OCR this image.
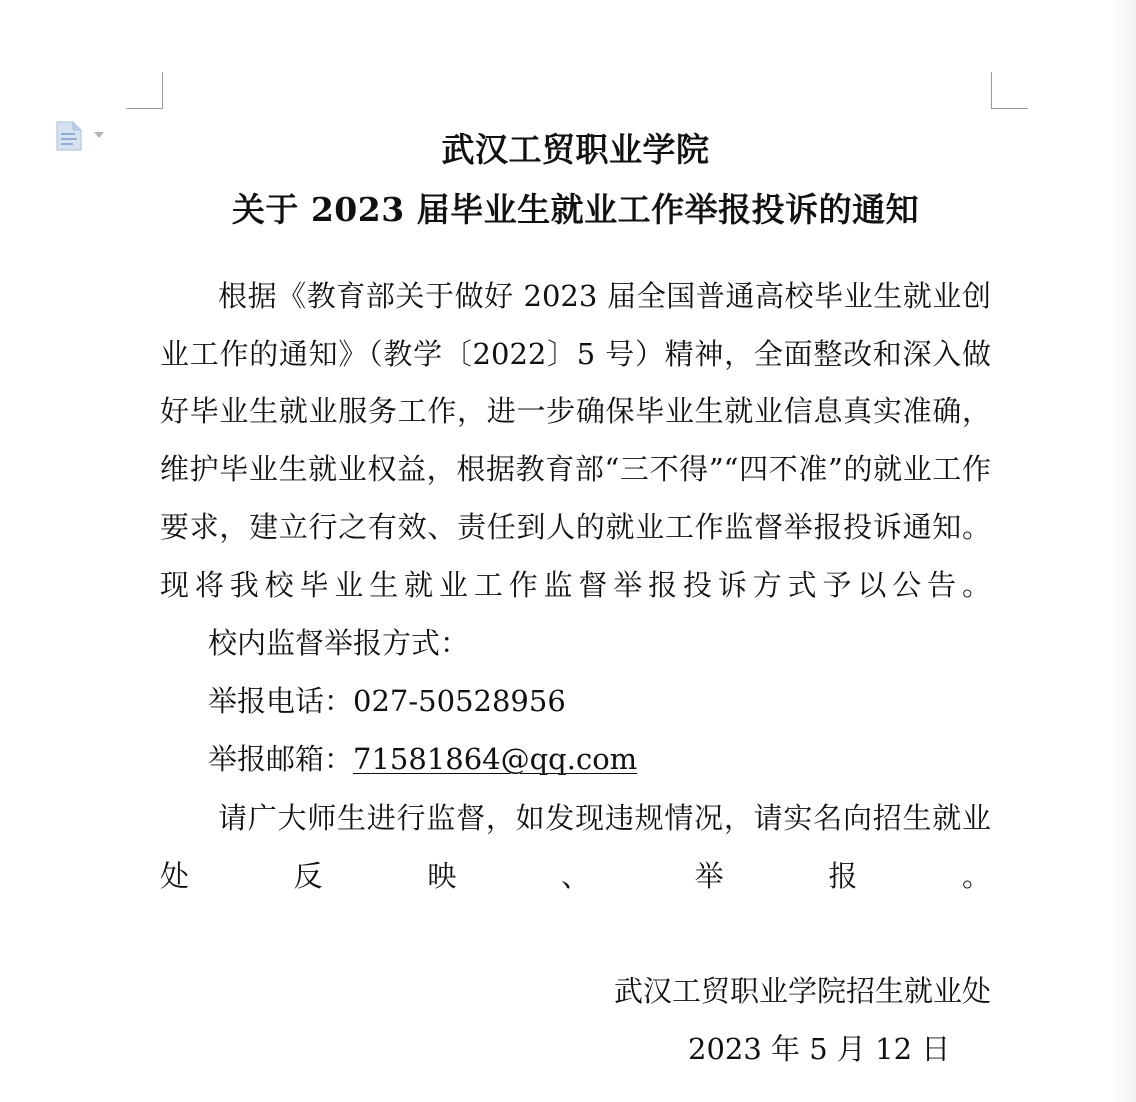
武汉工贸职业学院
关于 2023 届毕业生就业工作举报投诉的通知
根据《教育部关于做好 2023 届全国普通高校毕业生就业创业工作的通知》（教学〔2022〕5 号）精神，全面整改和深入做好毕业生就业服务工作，进一步确保毕业生就业信息真实准确，维护毕业生就业权益，根据教育部“三不得”“四不准”的就业工作要求，建立行之有效、责任到人的就业工作监督举报投诉通知。现将我校毕业生就业工作监督举报投诉方式予以公告。
校内监督举报方式：
举报电话：027-50528956
举报邮箱：71581864@qq.com
请广大师生进行监督，如发现违规情况，请实名向招生就业处反映、举报。
武汉工贸职业学院招生就业处
2023 年 5 月 12 日
